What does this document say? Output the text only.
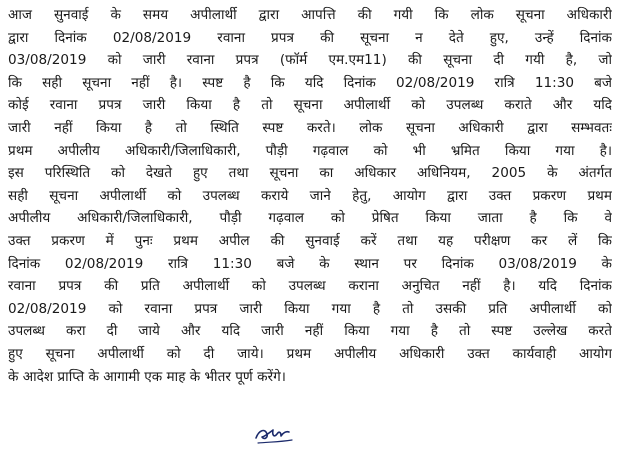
आज सुनवाई के समय अपीलार्थी द्वारा आपत्ति की गयी कि लोक सूचना अधिकारी
द्वारा दिनांक 02/08/2019 रवाना प्रपत्र की सूचना न देते हुए, उन्हें दिनांक
03/08/2019 को जारी रवाना प्रपत्र (फॉर्म एम.एम11) की सूचना दी गयी है, जो
कि सही सूचना नहीं है। स्पष्ट है कि यदि दिनांक 02/08/2019 रात्रि 11:30 बजे
कोई रवाना प्रपत्र जारी किया है तो सूचना अपीलार्थी को उपलब्ध कराते और यदि
जारी नहीं किया है तो स्थिति स्पष्ट करते। लोक सूचना अधिकारी द्वारा सम्भवतः
प्रथम अपीलीय अधिकारी/जिलाधिकारी, पौड़ी गढ़वाल को भी भ्रमित किया गया है।
इस परिस्थिति को देखते हुए तथा सूचना का अधिकार अधिनियम, 2005 के अंतर्गत
सही सूचना अपीलार्थी को उपलब्ध कराये जाने हेतु, आयोग द्वारा उक्त प्रकरण प्रथम
अपीलीय अधिकारी/जिलाधिकारी, पौड़ी गढ़वाल को प्रेषित किया जाता है कि वे
उक्त प्रकरण में पुनः प्रथम अपील की सुनवाई करें तथा यह परीक्षण कर लें कि
दिनांक 02/08/2019 रात्रि 11:30 बजे के स्थान पर दिनांक 03/08/2019 के
रवाना प्रपत्र की प्रति अपीलार्थी को उपलब्ध कराना अनुचित नहीं है। यदि दिनांक
02/08/2019 को रवाना प्रपत्र जारी किया गया है तो उसकी प्रति अपीलार्थी को
उपलब्ध करा दी जाये और यदि जारी नहीं किया गया है तो स्पष्ट उल्लेख करते
हुए सूचना अपीलार्थी को दी जाये। प्रथम अपीलीय अधिकारी उक्त कार्यवाही आयोग
के आदेश प्राप्ति के आगामी एक माह के भीतर पूर्ण करेंगे।
